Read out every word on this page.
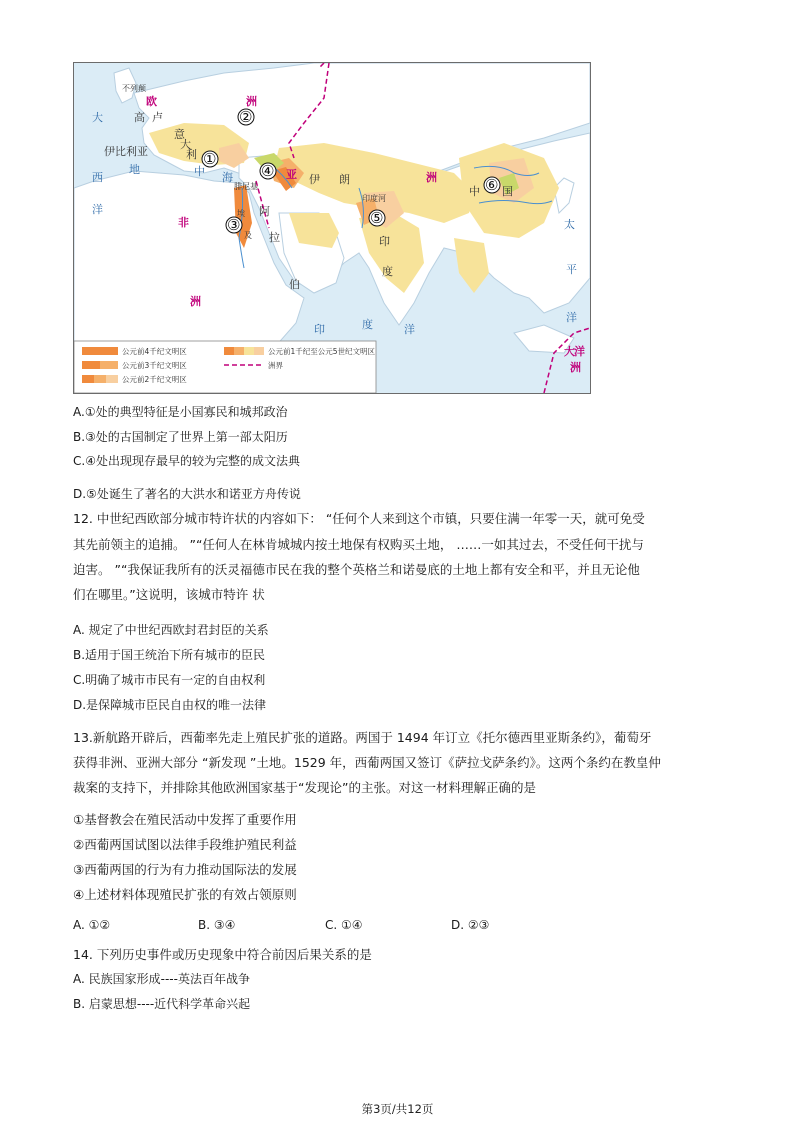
大
西
洋
不列颠
欧
高 卢
洲
意
大
利
伊比利亚
地	中 海
腓尼基
非
洲
埃
及
阿
拉
伯
亚	洲
伊 朗
印度河
印
度
中 国
印	度	洋
太
平
洋
大 洋
洲
①
②
③
④
⑤
⑥
公元前4千纪文明区
公元前3千纪文明区
公元前2千纪文明区
公元前1千纪至公元5世纪文明区
洲界
A.①处的典型特征是小国寡民和城邦政治
B.③处的古国制定了世界上第一部太阳历
C.④处出现现存最早的较为完整的成文法典
D.⑤处诞生了著名的大洪水和诺亚方舟传说
12. 中世纪西欧部分城市特许状的内容如下： “任何个人来到这个市镇，只要住满一年零一天，就可免受
其先前领主的追捕。 ”“任何人在林肯城城内按土地保有权购买土地， ……一如其过去，不受任何干扰与
迫害。 ”“我保证我所有的沃灵福德市民在我的整个英格兰和诺曼底的土地上都有安全和平，并且无论他
们在哪里。”这说明，该城市特许 状
A. 规定了中世纪西欧封君封臣的关系
B.适用于国王统治下所有城市的臣民
C.明确了城市市民有一定的自由权利
D.是保障城市臣民自由权的唯一法律
13.新航路开辟后，西葡率先走上殖民扩张的道路。两国于 1494 年订立《托尔德西里亚斯条约》，葡萄牙
获得非洲、亚洲大部分 “新发现 ”土地。1529 年，西葡两国又签订《萨拉戈萨条约》。这两个条约在教皇仲
裁案的支持下，并排除其他欧洲国家基于“发现论”的主张。对这一材料理解正确的是
①基督教会在殖民活动中发挥了重要作用
②西葡两国试图以法律手段维护殖民利益
③西葡两国的行为有力推动国际法的发展
④上述材料体现殖民扩张的有效占领原则
A. ①②	B. ③④	C. ①④	D. ②③
14. 下列历史事件或历史现象中符合前因后果关系的是
A. 民族国家形成----英法百年战争
B. 启蒙思想----近代科学革命兴起
第3页/共12页
